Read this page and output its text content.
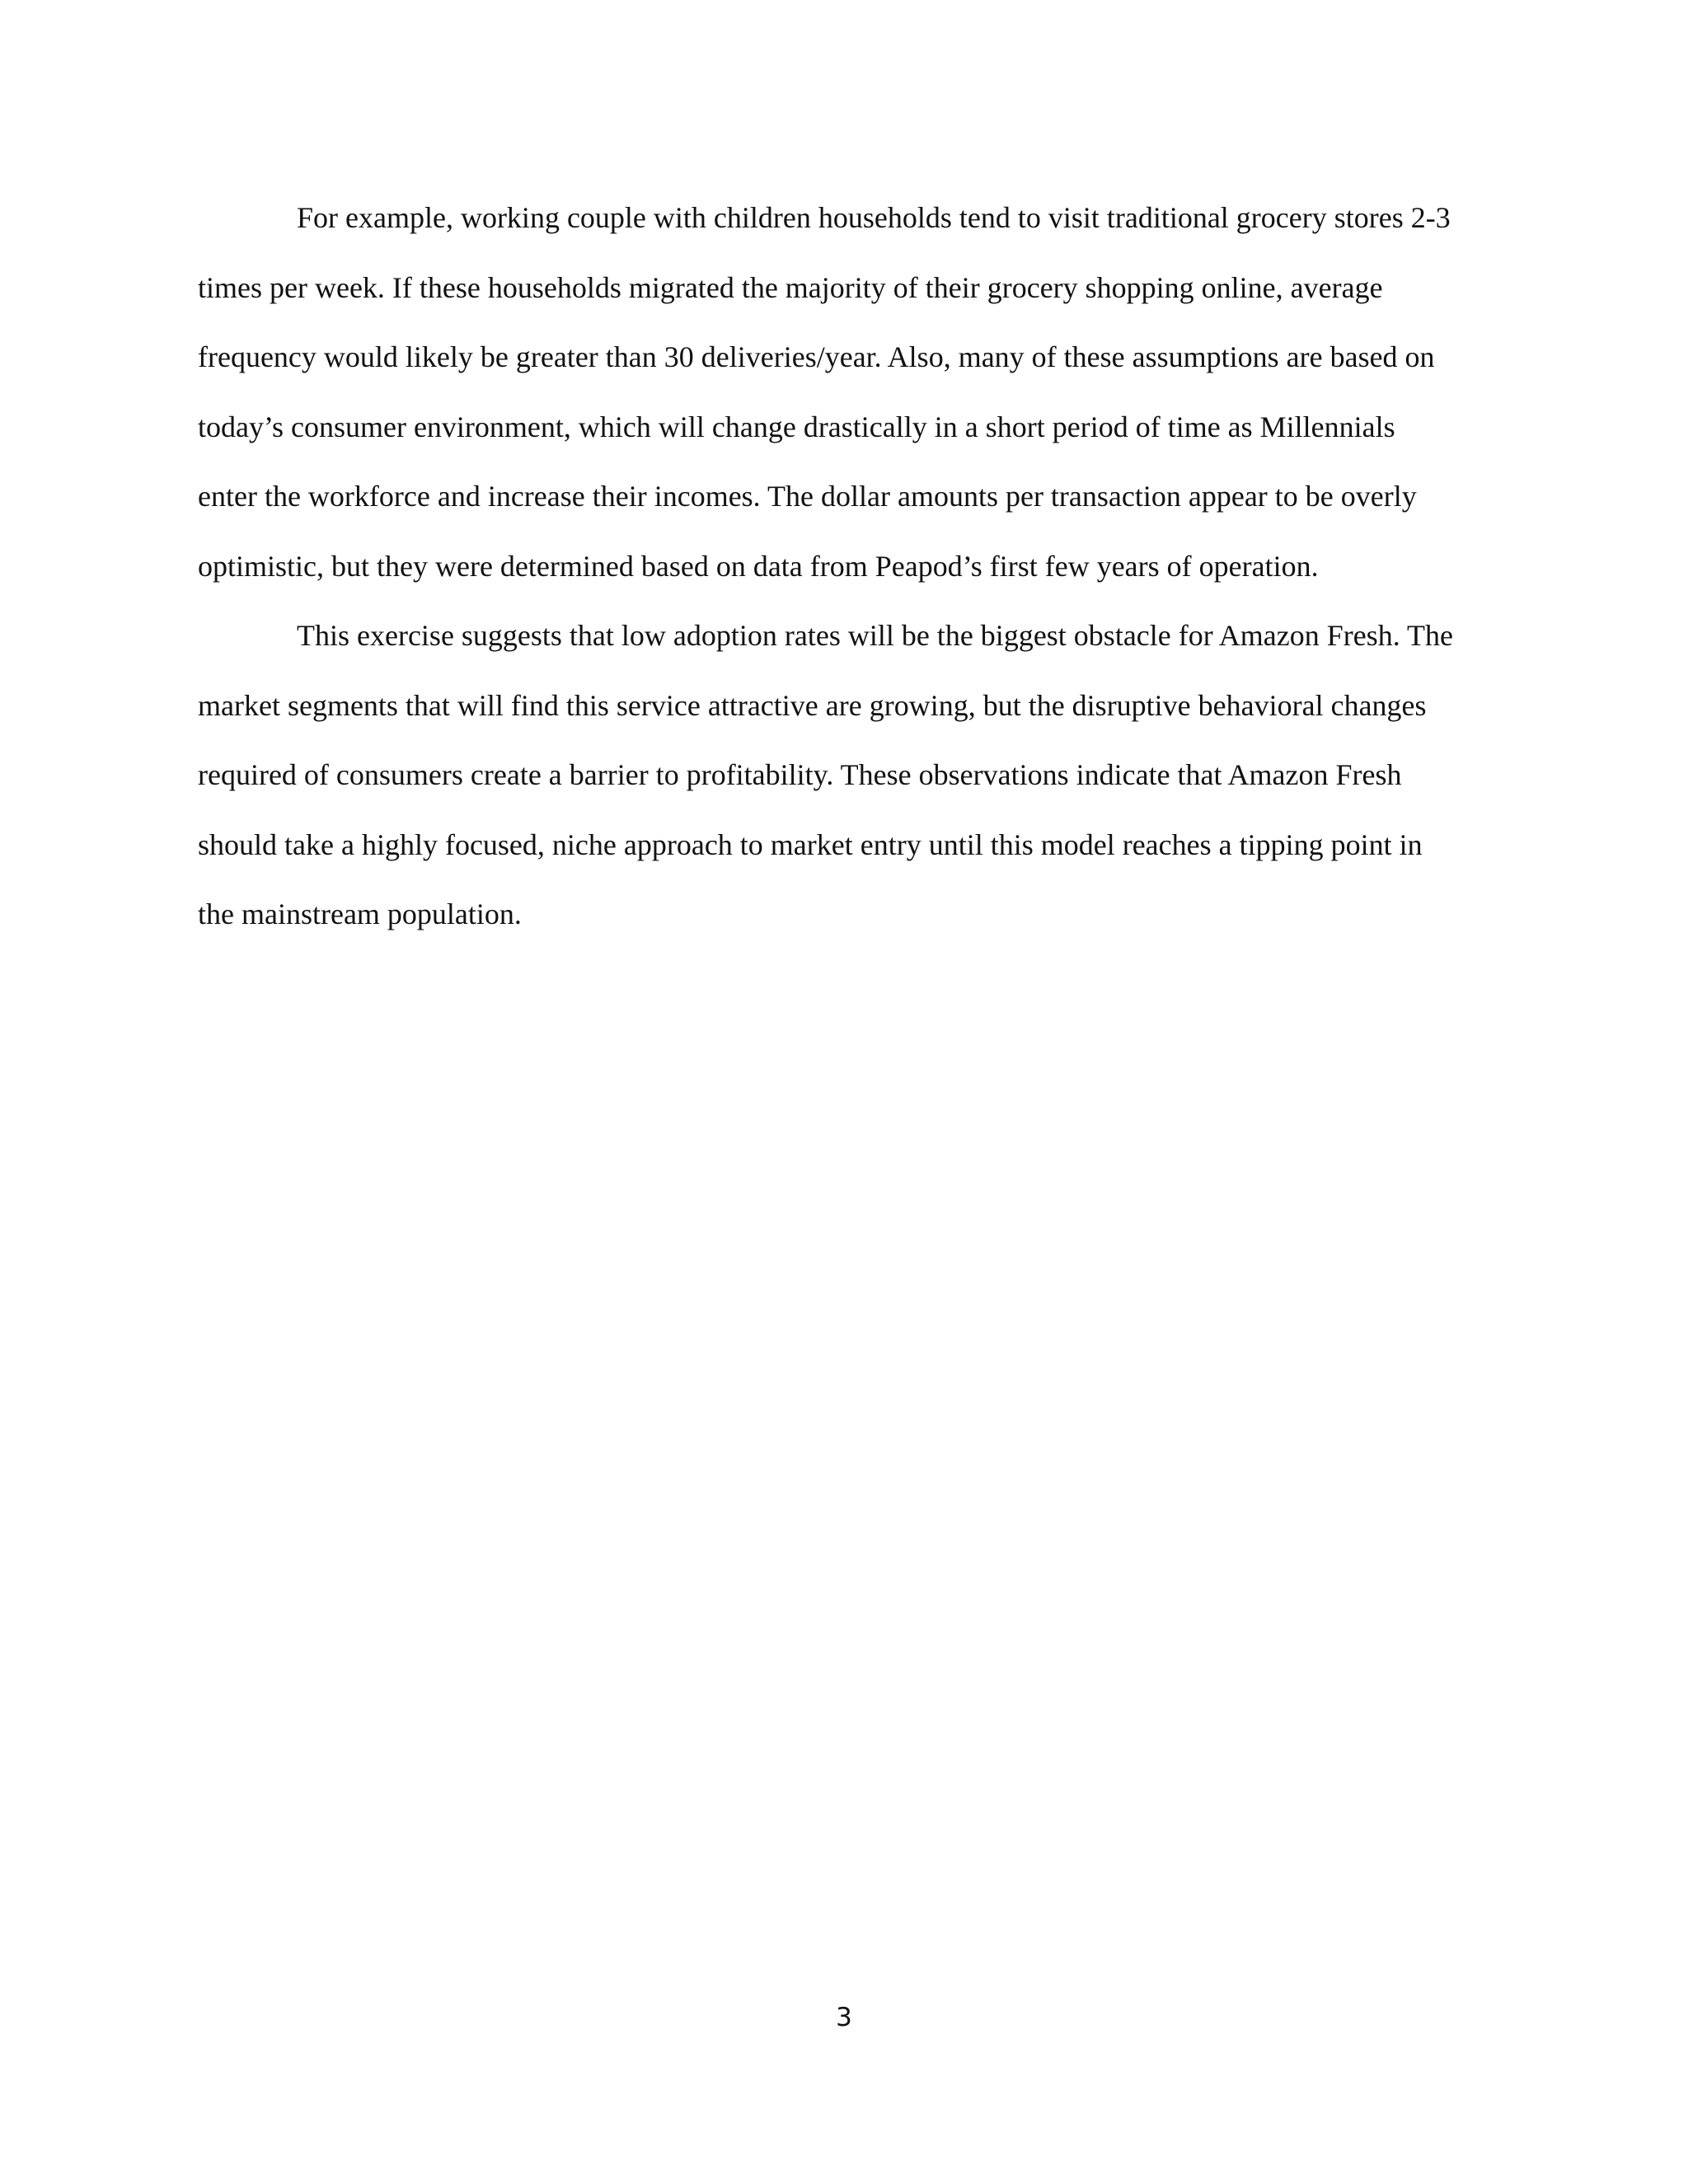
For example, working couple with children households tend to visit traditional grocery stores 2-3
times per week. If these households migrated the majority of their grocery shopping online, average
frequency would likely be greater than 30 deliveries/year. Also, many of these assumptions are based on
today’s consumer environment, which will change drastically in a short period of time as Millennials
enter the workforce and increase their incomes. The dollar amounts per transaction appear to be overly
optimistic, but they were determined based on data from Peapod’s first few years of operation.
This exercise suggests that low adoption rates will be the biggest obstacle for Amazon Fresh. The
market segments that will find this service attractive are growing, but the disruptive behavioral changes
required of consumers create a barrier to profitability. These observations indicate that Amazon Fresh
should take a highly focused, niche approach to market entry until this model reaches a tipping point in
the mainstream population.
3
